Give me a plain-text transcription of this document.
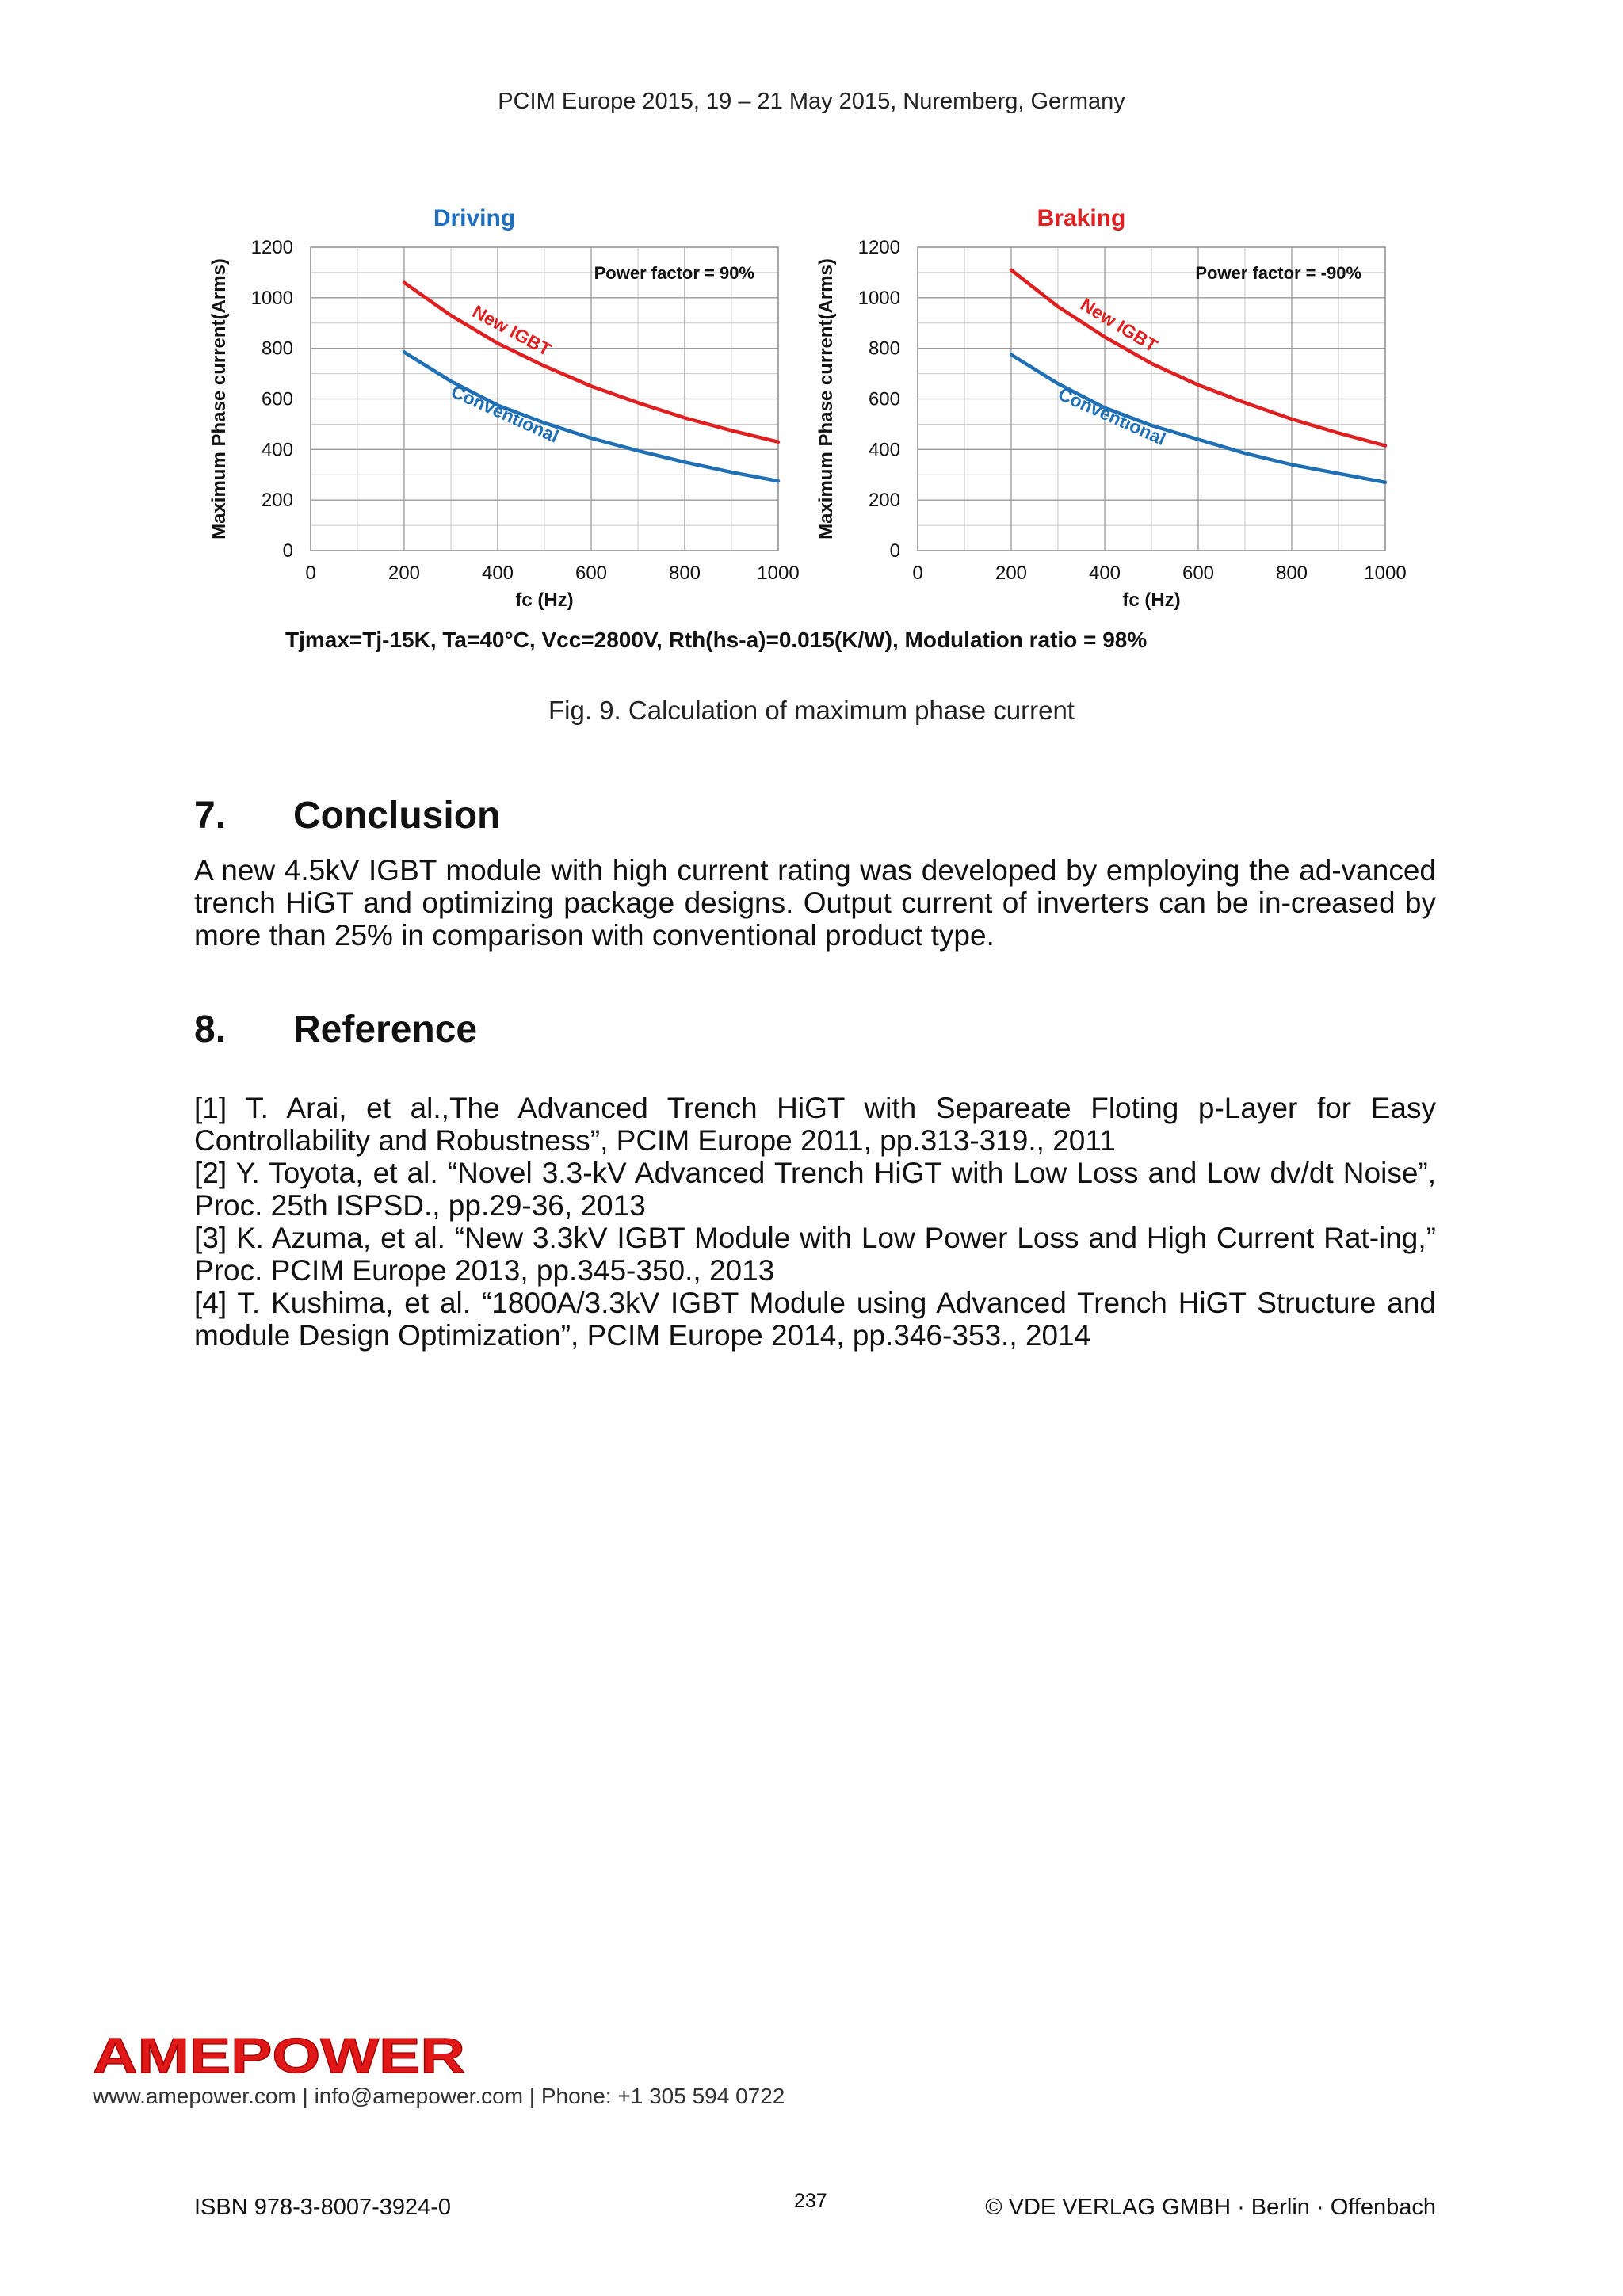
PCIM Europe 2015, 19 – 21 May 2015, Nuremberg, Germany
0	200	400	600	800	1000
0
200
400
600
800
1000
1200
Driving
fc (Hz)
Maximum Phase current(Arms)	Power factor = 90%
New IGBT
Conventional
0	200	400	600	800	1000
0
200
400
600
800
1000
1200
Braking
fc (Hz)
Maximum Phase current(Arms)	Power factor = -90%
New IGBT
Conventional
Tjmax=Tj-15K, Ta=40°C, Vcc=2800V, Rth(hs-a)=0.015(K/W), Modulation ratio = 98%
Fig. 9. Calculation of maximum phase current
7. Conclusion
A new 4.5kV IGBT module with high current rating was developed by employing the ad-vanced trench HiGT and optimizing package designs. Output current of inverters can be in-creased by more than 25% in comparison with conventional product type.
8. Reference

[1] T. Arai, et al.,The Advanced Trench HiGT with Separeate Floting p-Layer for Easy Controllability and Robustness”, PCIM Europe 2011, pp.313-319., 2011

[2] Y. Toyota, et al. “Novel 3.3-kV Advanced Trench HiGT with Low Loss and Low dv/dt Noise”, Proc. 25th ISPSD., pp.29-36, 2013

[3] K. Azuma, et al. “New 3.3kV IGBT Module with Low Power Loss and High Current Rat-ing,” Proc. PCIM Europe 2013, pp.345-350., 2013

[4] T. Kushima, et al. “1800A/3.3kV IGBT Module using Advanced Trench HiGT Structure and module Design Optimization”, PCIM Europe 2014, pp.346-353., 2014

AMEPOWER
www.amepower.com | info@amepower.com | Phone: +1 305 594 0722
ISBN 978-3-8007-3924-0	237	© VDE VERLAG GMBH · Berlin · Offenbach
